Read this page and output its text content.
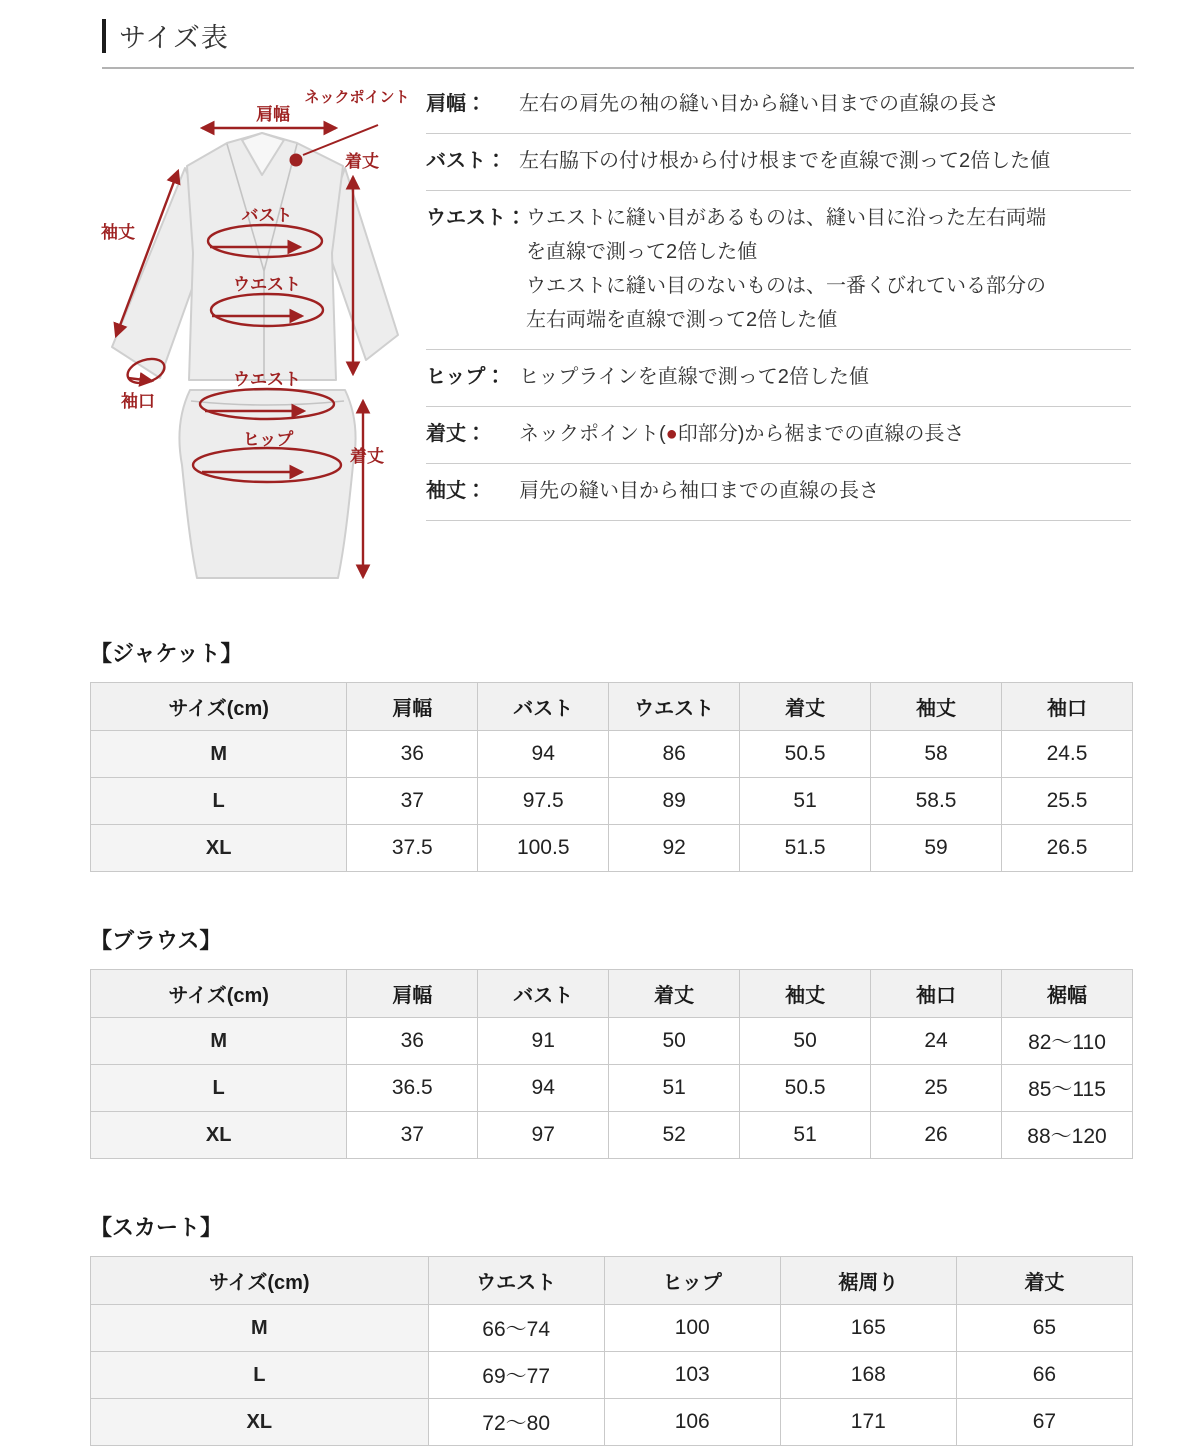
サイズ表
肩幅
ネックポイント
着丈
袖丈
バスト
ウエスト
袖口
ウエスト
ヒップ
着丈
肩幅：	左右の肩先の袖の縫い目から縫い目までの直線の長さ
バスト： 左右脇下の付け根から付け根までを直線で測って2倍した値
ウエスト： ウエストに縫い目があるものは、縫い目に沿った左右両端
を直線で測って2倍した値
ウエストに縫い目のないものは、一番くびれている部分の
左右両端を直線で測って2倍した値
ヒップ： ヒップラインを直線で測って2倍した値
着丈：	ネックポイント(●印部分)から裾までの直線の長さ
袖丈：	肩先の縫い目から袖口までの直線の長さ
【ジャケット】
サイズ(cm)	肩幅	バスト	ウエスト	着丈	袖丈	袖口
M	36	94	86	50.5	58	24.5
L	37	97.5	89	51	58.5	25.5
XL	37.5	100.5	92	51.5	59	26.5
【ブラウス】
サイズ(cm)	肩幅	バスト	着丈	袖丈	袖口	裾幅
M	36	91	50	50	24	82〜110
L	36.5	94	51	50.5	25	85〜115
XL	37	97	52	51	26	88〜120
【スカート】
サイズ(cm)	ウエスト	ヒップ	裾周り	着丈
M	66〜74	100	165	65
L	69〜77	103	168	66
XL	72〜80	106	171	67
